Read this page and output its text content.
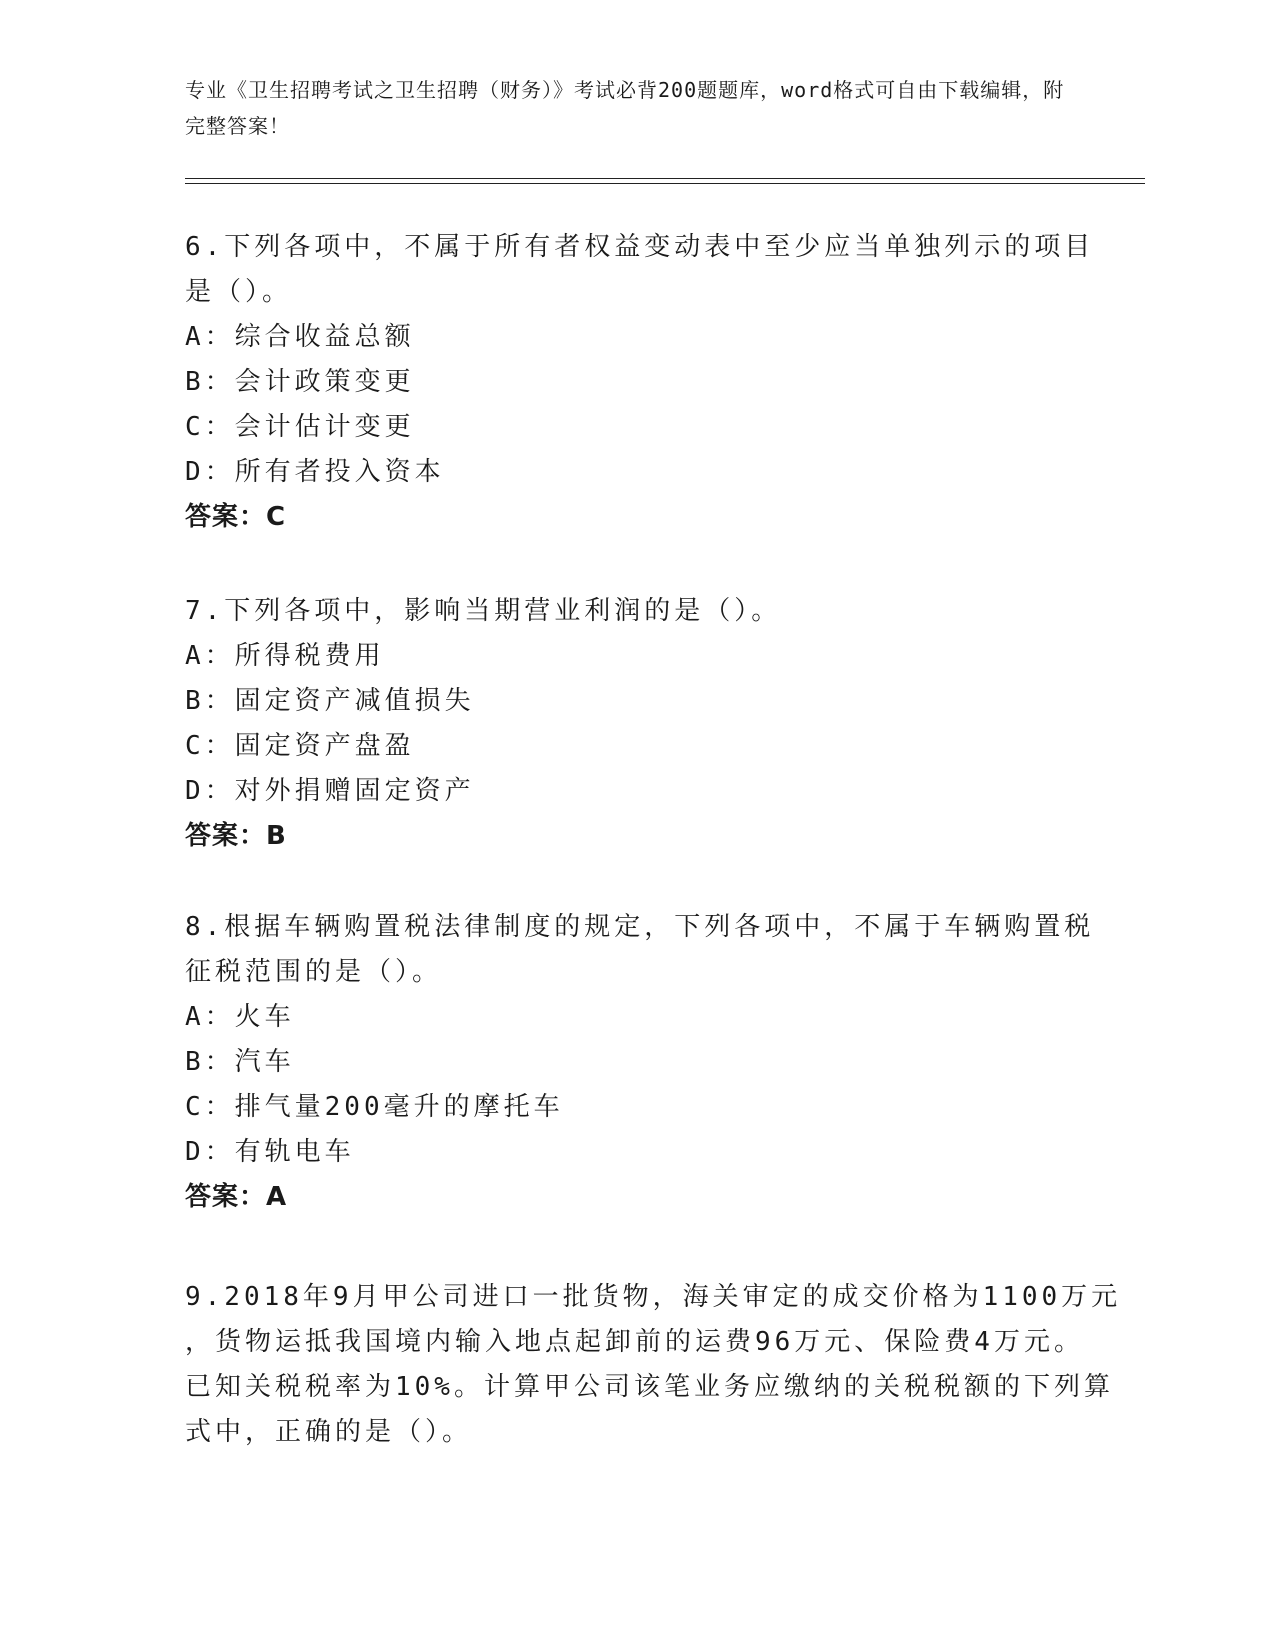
专业《卫生招聘考试之卫生招聘（财务）》考试必背200题题库，word格式可自由下载编辑，附完整答案！
6.下列各项中，不属于所有者权益变动表中至少应当单独列示的项目
是（）。
A：综合收益总额
B：会计政策变更
C：会计估计变更
D：所有者投入资本
答案：C
7.下列各项中，影响当期营业利润的是（）。
A：所得税费用
B：固定资产减值损失
C：固定资产盘盈
D：对外捐赠固定资产
答案：B
8.根据车辆购置税法律制度的规定，下列各项中，不属于车辆购置税
征税范围的是（）。
A：火车
B：汽车
C：排气量200毫升的摩托车
D：有轨电车
答案：A
9.2018年9月甲公司进口一批货物，海关审定的成交价格为1100万元
，货物运抵我国境内输入地点起卸前的运费96万元、保险费4万元。
已知关税税率为10%。计算甲公司该笔业务应缴纳的关税税额的下列算
式中，正确的是（）。
